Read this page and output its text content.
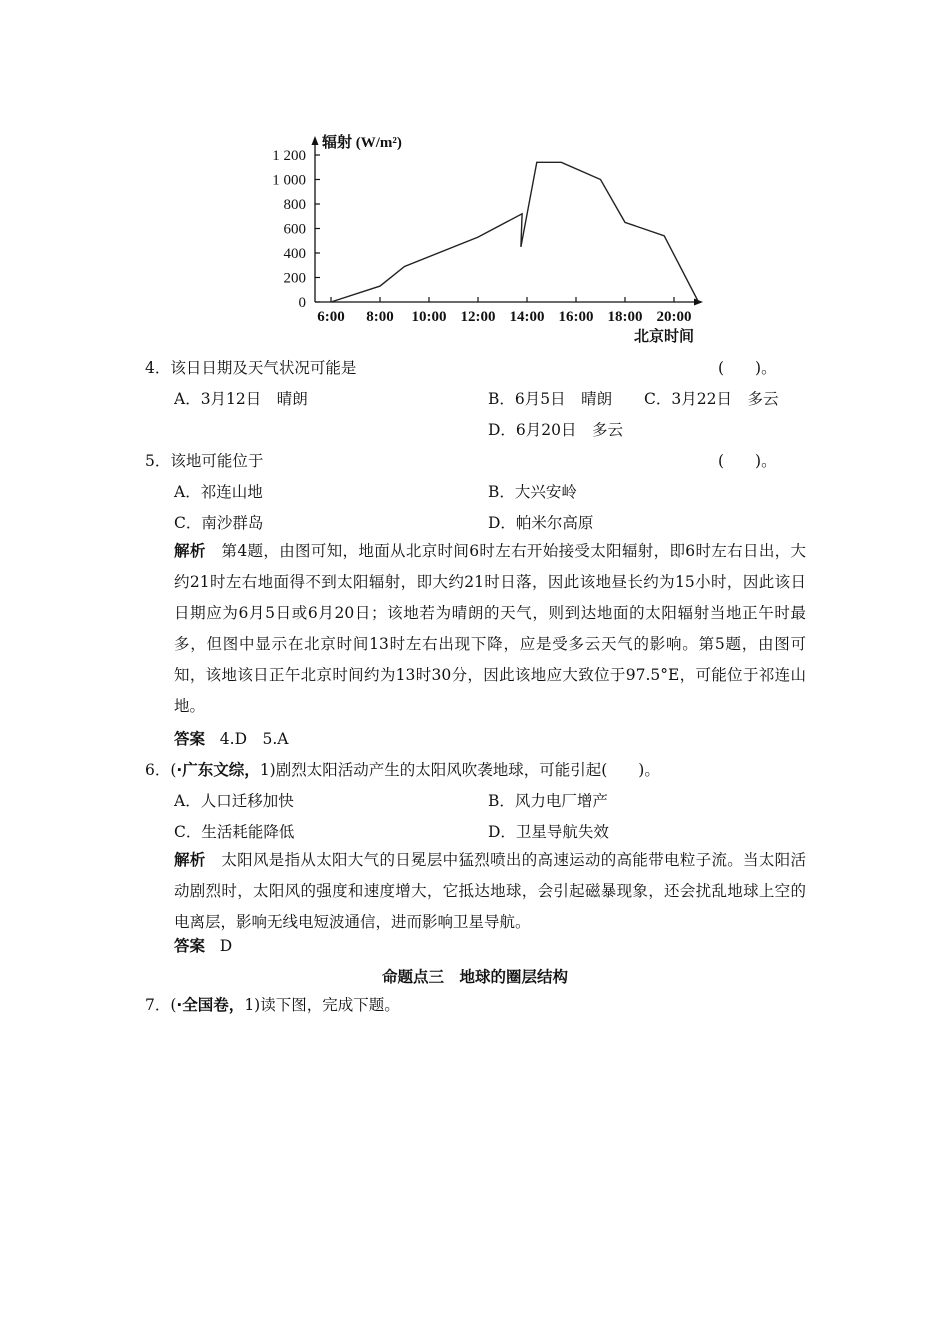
辐射 (W/m²)
0
200
400
600
800
1 000
1 200
6:00 8:00 10:00 12:00 14:00 16:00 18:00 20:00
北京时间
4．该日日期及天气状况可能是	(　　)。
A．3月12日　晴朗	B．6月5日　晴朗 C．3月22日　多云
D．6月20日　多云
5．该地可能位于	(　　)。
A．祁连山地	B．大兴安岭
C．南沙群岛	D．帕米尔高原
解析 第4题，由图可知，地面从北京时间6时左右开始接受太阳辐射，即6时左右日出，大约21时左右地面得不到太阳辐射，即大约21时日落，因此该地昼长约为15小时，因此该日日期应为6月5日或6月20日；该地若为晴朗的天气，则到达地面的太阳辐射当地正午时最多，但图中显示在北京时间13时左右出现下降，应是受多云天气的影响。第5题，由图可知，该地该日正午北京时间约为13时30分，因此该地应大致位于97.5°E，可能位于祁连山地。
答案 4.D　5.A
6．(·广东文综，1)剧烈太阳活动产生的太阳风吹袭地球，可能引起(　　)。
A．人口迁移加快	B．风力电厂增产
C．生活耗能降低	D．卫星导航失效
解析 太阳风是指从太阳大气的日冕层中猛烈喷出的高速运动的高能带电粒子流。当太阳活动剧烈时，太阳风的强度和速度增大，它抵达地球，会引起磁暴现象，还会扰乱地球上空的电离层，影响无线电短波通信，进而影响卫星导航。
答案 D
命题点三　地球的圈层结构
7．(·全国卷，1)读下图，完成下题。
